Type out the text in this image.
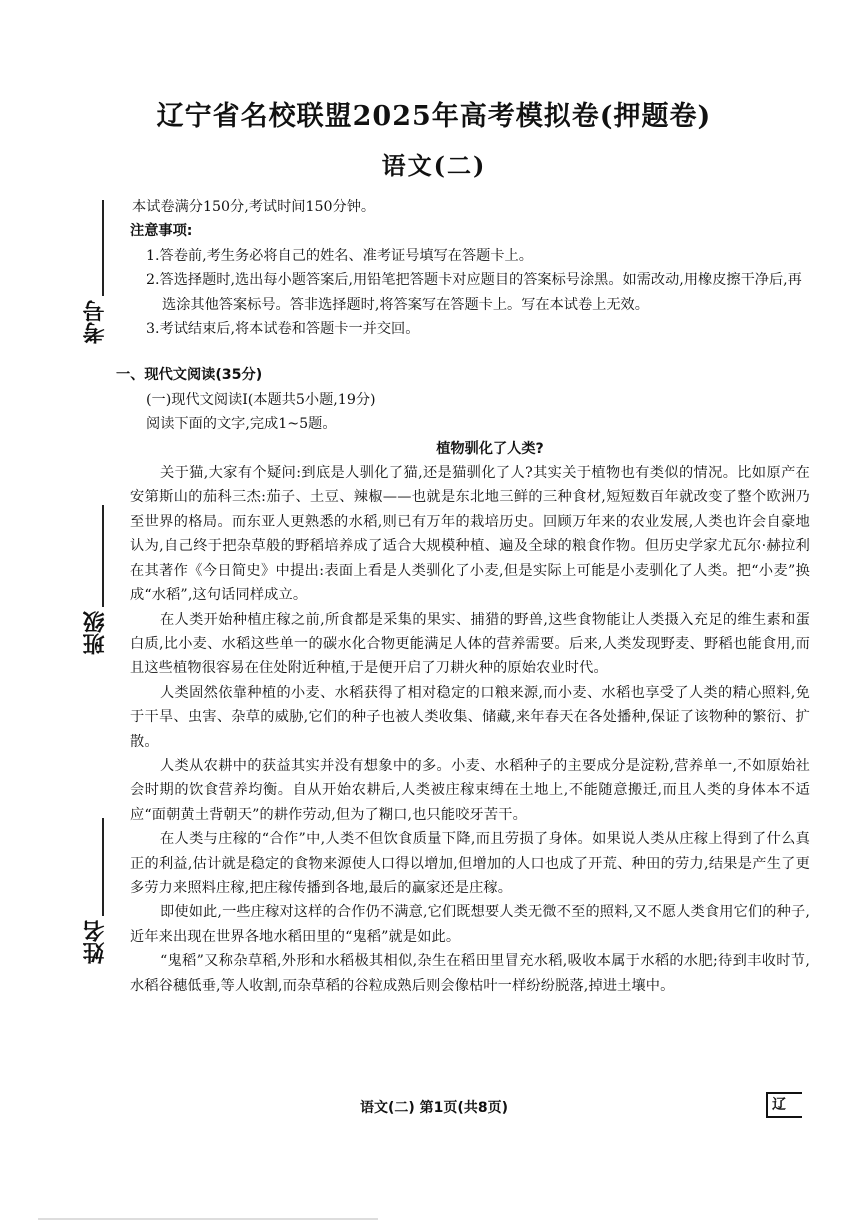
辽宁省名校联盟2025年高考模拟卷(押题卷)
语文(二)
考号
班级
姓名

本试卷满分150分,考试时间150分钟。

注意事项:

1.答卷前,考生务必将自己的姓名、准考证号填写在答题卡上。

2.答选择题时,选出每小题答案后,用铅笔把答题卡对应题目的答案标号涂黑。如需改动,用橡皮擦干净后,再选涂其他答案标号。答非选择题时,将答案写在答题卡上。写在本试卷上无效。

3.考试结束后,将本试卷和答题卡一并交回。

一、现代文阅读(35分)

(一)现代文阅读Ⅰ(本题共5小题,19分)

阅读下面的文字,完成1~5题。

植物驯化了人类?

关于猫,大家有个疑问:到底是人驯化了猫,还是猫驯化了人?其实关于植物也有类似的情况。比如原产在安第斯山的茄科三杰:茄子、土豆、辣椒——也就是东北地三鲜的三种食材,短短数百年就改变了整个欧洲乃至世界的格局。而东亚人更熟悉的水稻,则已有万年的栽培历史。回顾万年来的农业发展,人类也许会自豪地认为,自己终于把杂草般的野稻培养成了适合大规模种植、遍及全球的粮食作物。但历史学家尤瓦尔·赫拉利在其著作《今日简史》中提出:表面上看是人类驯化了小麦,但是实际上可能是小麦驯化了人类。把“小麦”换成“水稻”,这句话同样成立。

在人类开始种植庄稼之前,所食都是采集的果实、捕猎的野兽,这些食物能让人类摄入充足的维生素和蛋白质,比小麦、水稻这些单一的碳水化合物更能满足人体的营养需要。后来,人类发现野麦、野稻也能食用,而且这些植物很容易在住处附近种植,于是便开启了刀耕火种的原始农业时代。

人类固然依靠种植的小麦、水稻获得了相对稳定的口粮来源,而小麦、水稻也享受了人类的精心照料,免于干旱、虫害、杂草的威胁,它们的种子也被人类收集、储藏,来年春天在各处播种,保证了该物种的繁衍、扩散。

人类从农耕中的获益其实并没有想象中的多。小麦、水稻种子的主要成分是淀粉,营养单一,不如原始社会时期的饮食营养均衡。自从开始农耕后,人类被庄稼束缚在土地上,不能随意搬迁,而且人类的身体本不适应“面朝黄土背朝天”的耕作劳动,但为了糊口,也只能咬牙苦干。

在人类与庄稼的“合作”中,人类不但饮食质量下降,而且劳损了身体。如果说人类从庄稼上得到了什么真正的利益,估计就是稳定的食物来源使人口得以增加,但增加的人口也成了开荒、种田的劳力,结果是产生了更多劳力来照料庄稼,把庄稼传播到各地,最后的赢家还是庄稼。

即使如此,一些庄稼对这样的合作仍不满意,它们既想要人类无微不至的照料,又不愿人类食用它们的种子,近年来出现在世界各地水稻田里的“鬼稻”就是如此。

“鬼稻”又称杂草稻,外形和水稻极其相似,杂生在稻田里冒充水稻,吸收本属于水稻的水肥;待到丰收时节,水稻谷穗低垂,等人收割,而杂草稻的谷粒成熟后则会像枯叶一样纷纷脱落,掉进土壤中。

语文(二) 第1页(共8页)	辽
